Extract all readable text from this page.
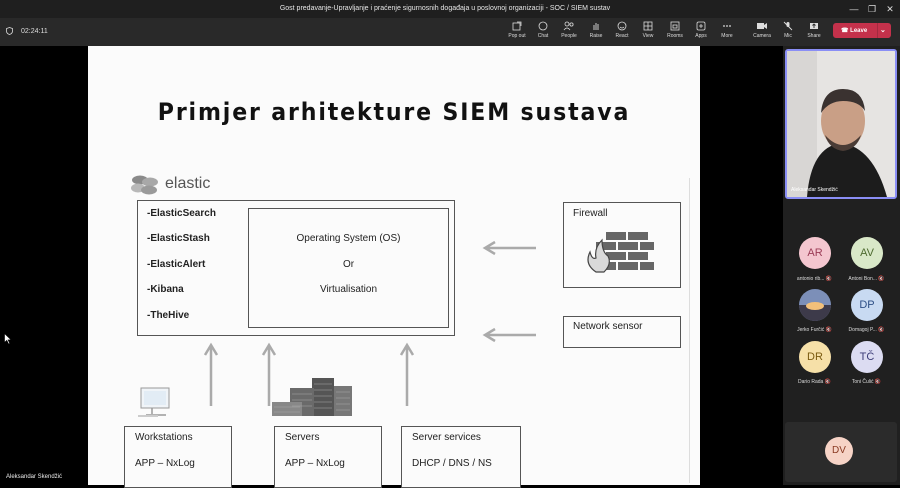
Gost predavanje-Upravljanje i praćenje sigurnosnih događaja u poslovnoj organizaciji - SOC / SIEM sustav	—	❐	✕
02:24:11
Pop out	Chat	People	Raise	React	View	Rooms	Apps	More	Camera	Mic	Share
☎ Leave ⌄
Primjer arhitekture SIEM sustava
elastic
-ElasticSearch
-ElasticStash
-ElasticAlert
-Kibana
-TheHive
Operating System (OS)
Or
Virtualisation
Firewall
Network sensor
Workstations
APP – NxLog
Servers
APP – NxLog
Server services
DHCP / DNS / NS
Aleksandar Skendžić
Aleksandar Skendžić
AR
antonio rib... 🔇
AV
Antoni Bon... 🔇
Jerko Furčić 🔇
DP
Domagoj P... 🔇
DR
Dario Rada 🔇
TČ
Toni Čulić 🔇
DV
